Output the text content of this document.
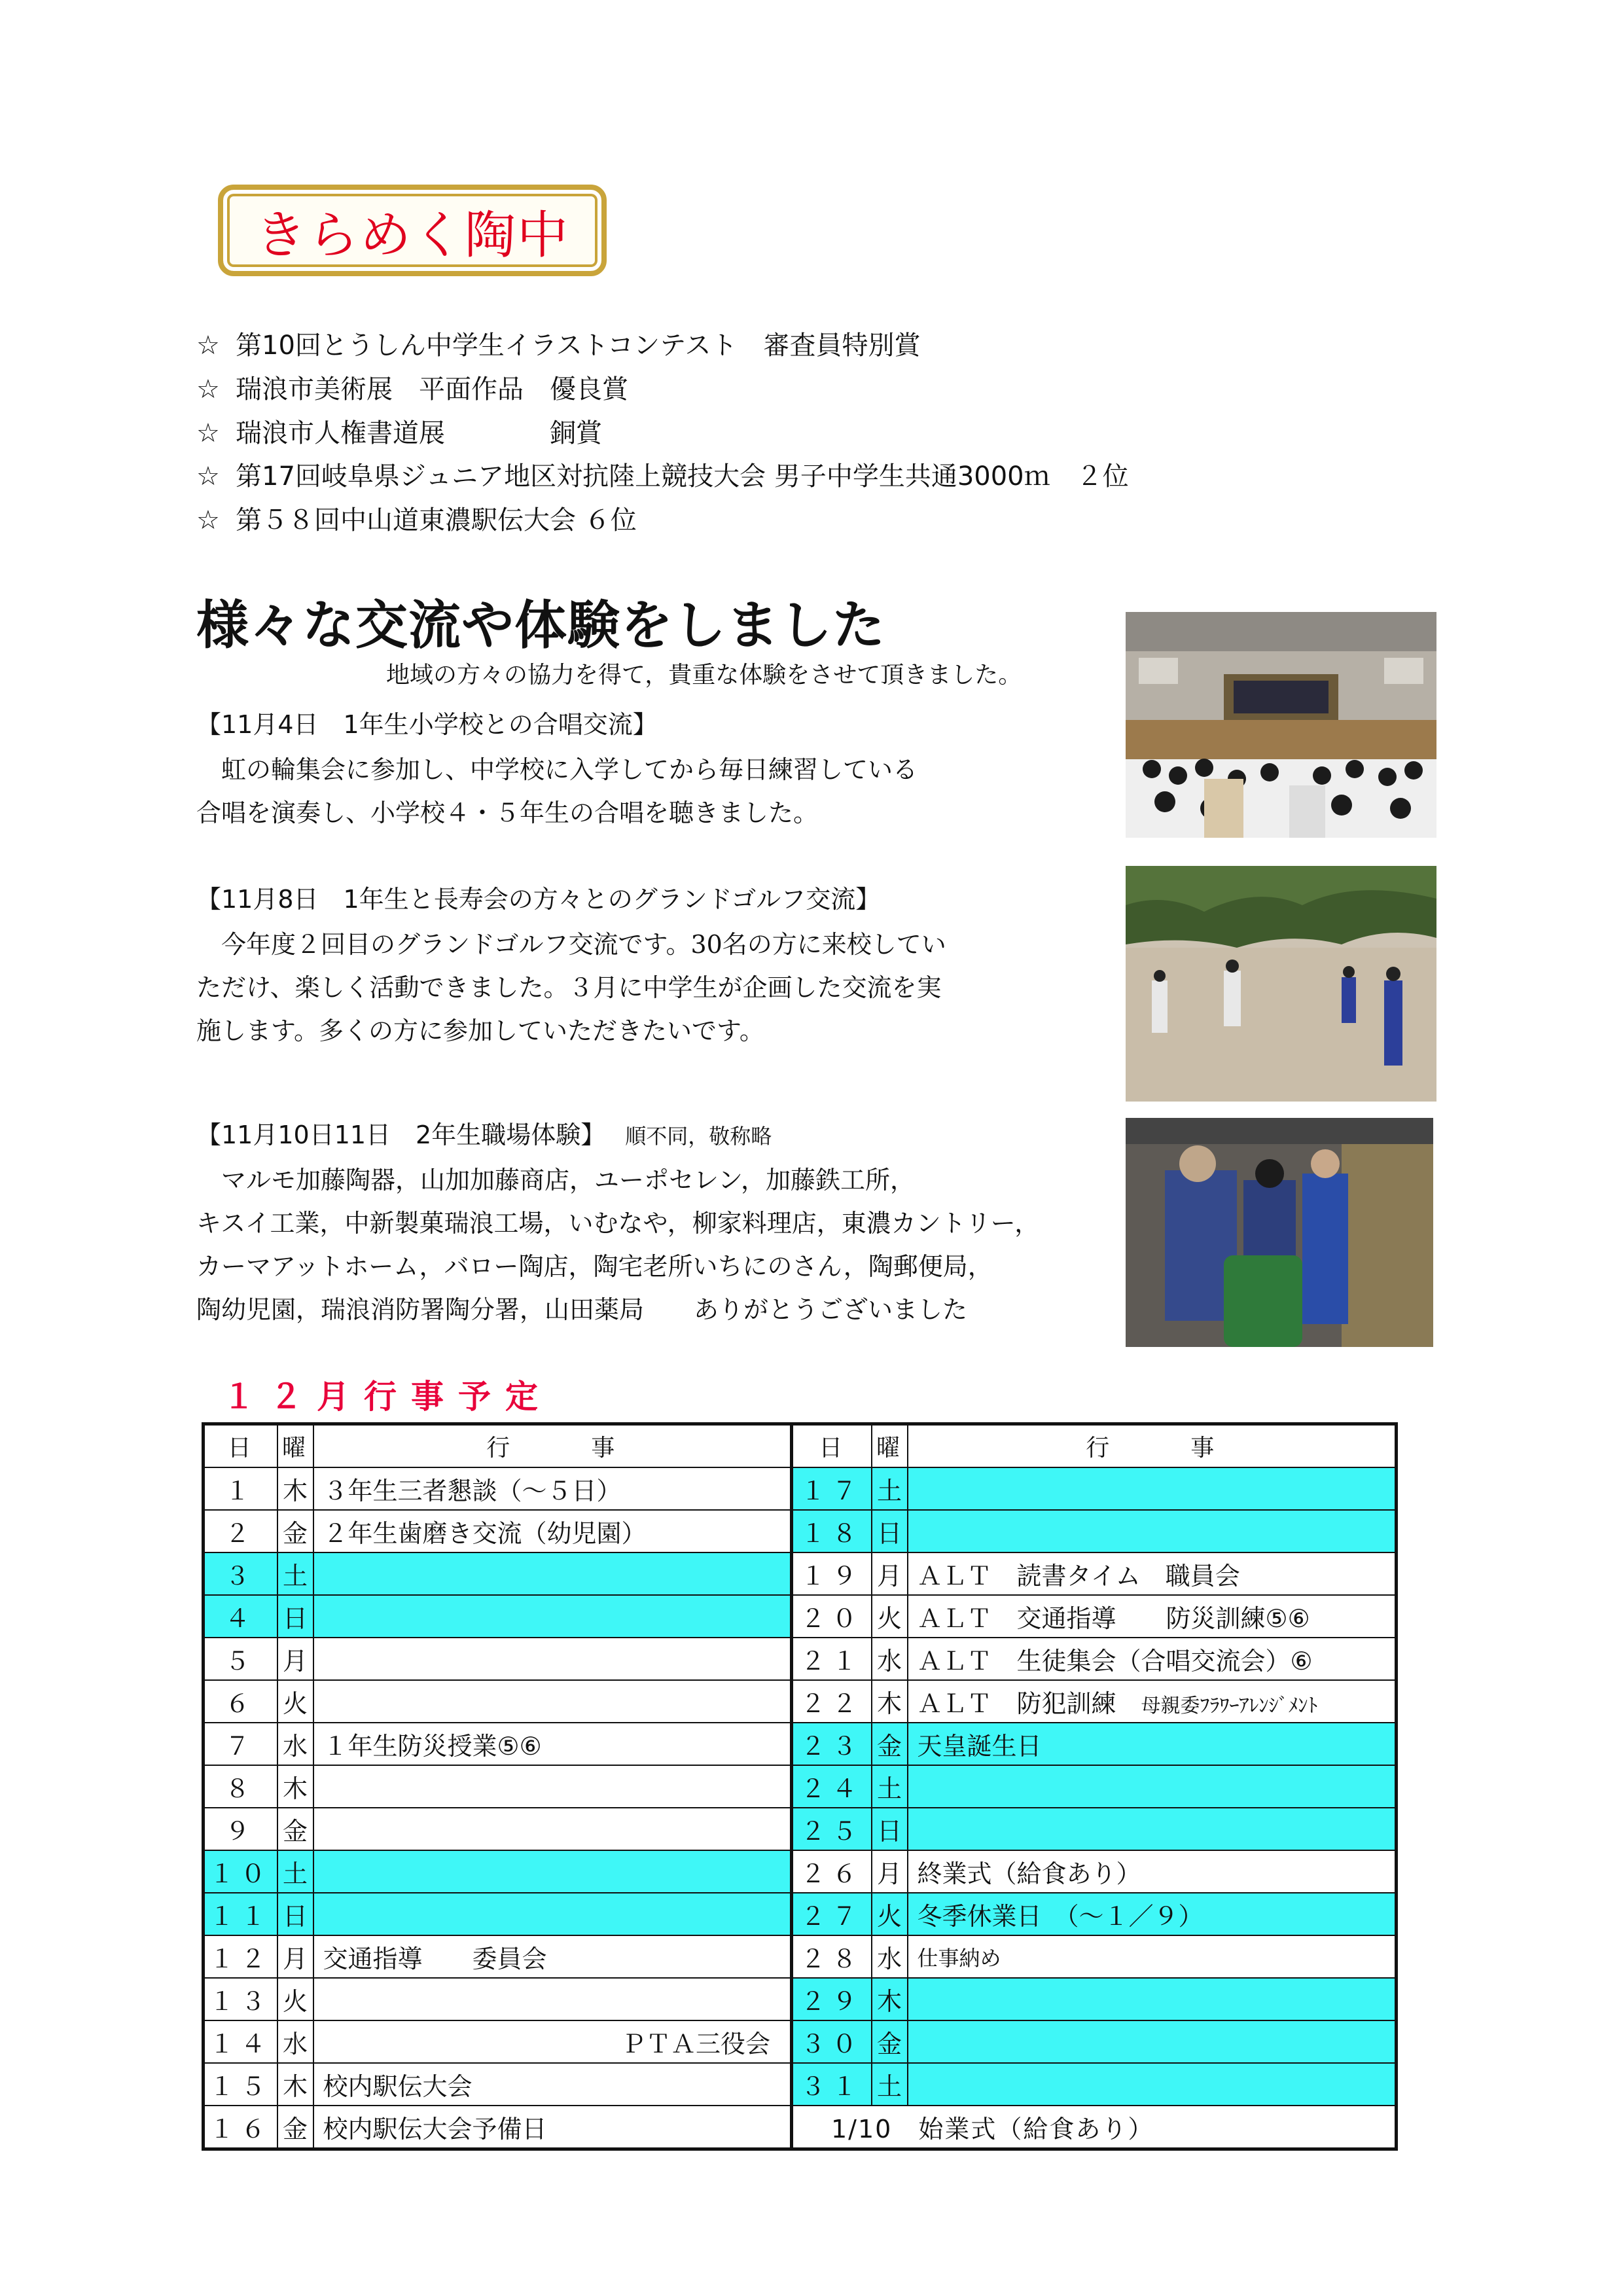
きらめく陶中
☆ 第10回とうしん中学生イラストコンテスト　審査員特別賞
☆ 瑞浪市美術展　平面作品　優良賞
☆ 瑞浪市人権書道展　　　　銅賞
☆ 第17回岐阜県ジュニア地区対抗陸上競技大会 男子中学生共通3000ｍ　２位
☆ 第５８回中山道東濃駅伝大会 ６位
様々な交流や体験をしました
地域の方々の協力を得て，貴重な体験をさせて頂きました。
【11月4日　1年生小学校との合唱交流】
　虹の輪集会に参加し、中学校に入学してから毎日練習している
合唱を演奏し、小学校４・５年生の合唱を聴きました。
【11月8日　1年生と長寿会の方々とのグランドゴルフ交流】
　今年度２回目のグランドゴルフ交流です。30名の方に来校してい
ただけ、楽しく活動できました。３月に中学生が企画した交流を実
施します。多くの方に参加していただきたいです。
【11月10日11日　2年生職場体験】 順不同，敬称略
　マルモ加藤陶器，山加加藤商店，ユーポセレン，加藤鉄工所，
キスイ工業，中新製菓瑞浪工場，いむなや，柳家料理店，東濃カントリー，
カーマアットホーム，バロー陶店，陶宅老所いちにのさん，陶郵便局，
陶幼児園，瑞浪消防署陶分署，山田薬局　　ありがとうございました
１２月行事予定
日	曜	行　　　事	日	曜	行　　　事
１	木	３年生三者懇談（～５日）	１７	土	
２	金	２年生歯磨き交流（幼児園）	１８	日	
３	土		１９	月	ＡＬＴ　読書タイム　職員会
４	日		２０	火	ＡＬＴ　交通指導　　防災訓練⑤⑥
５	月		２１	水	ＡＬＴ　生徒集会（合唱交流会）⑥
６	火		２２	木	ＡＬＴ　防犯訓練　母親委ﾌﾗﾜｰｱﾚﾝｼﾞﾒﾝﾄ
７	水	１年生防災授業⑤⑥	２３	金	天皇誕生日
８	木		２４	土	
９	金		２５	日	
１０	土		２６	月	終業式（給食あり）
１１	日		２７	火	冬季休業日　（～１／９）
１２	月	交通指導　　委員会	２８	水	仕事納め
１３	火		２９	木	
１４	水	ＰＴＡ三役会	３０	金	
１５	木	校内駅伝大会	３１	土	
１６	金	校内駅伝大会予備日	1/10　始業式（給食あり）		
